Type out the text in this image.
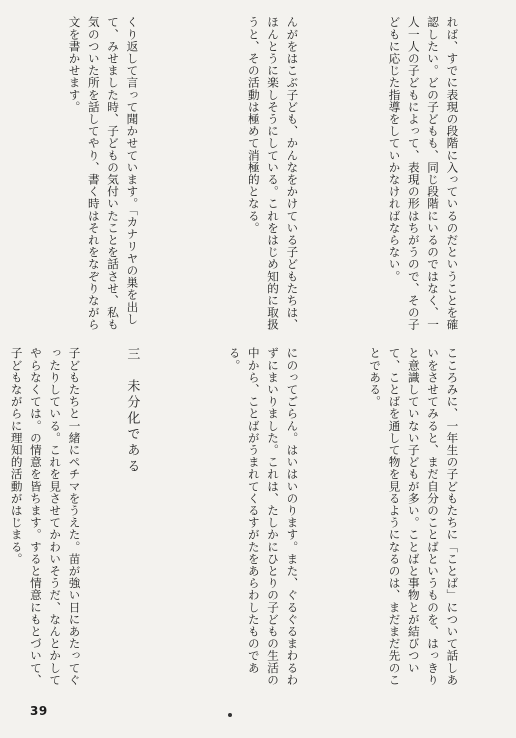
れば、すでに表現の段階に入っているのだということを確認したい。どの子どもも、同じ段階にいるのではなく、一人一人の子どもによって、表現の形はちがうので、その子どもに応じた指導をしていかなければならない。

こころみに、一年生の子どもたちに「ことば」について話しあいをさせてみると、まだ自分のことばというものを、はっきりと意識していない子どもが多い。ことばと事物とが結びついて、ことばを通して物を見るようになるのは、まだまだ先のことである。

んがをはこぶ子ども、かんなをかけている子どもたちは、ほんとうに楽しそうにしている。これをはじめ知的に取扱うと、その活動は極めて消極的となる。

にのってごらん。はいはいのります。また、ぐるぐるまわるわずにまいりました。これは、たしかにひとりの子どもの生活の中から、ことばがうまれてくるすがたをあらわしたものである。

くり返して言って聞かせています。「カナリヤの巣を出して、みせました時、子どもの気付いたことを話させ、私も気のついた所を話してやり、書く時はそれをなぞりながら文を書かせます。

三　未分化である

子どもたちと一緒にペチマをうえた。苗が強い日にあたってぐったりしている。これを見させてかわいそうだ、なんとかしてやらなくては。の情意を皆ちます。すると情意にもとづいて、子どもながらに理知的活動がはじまる。

39
